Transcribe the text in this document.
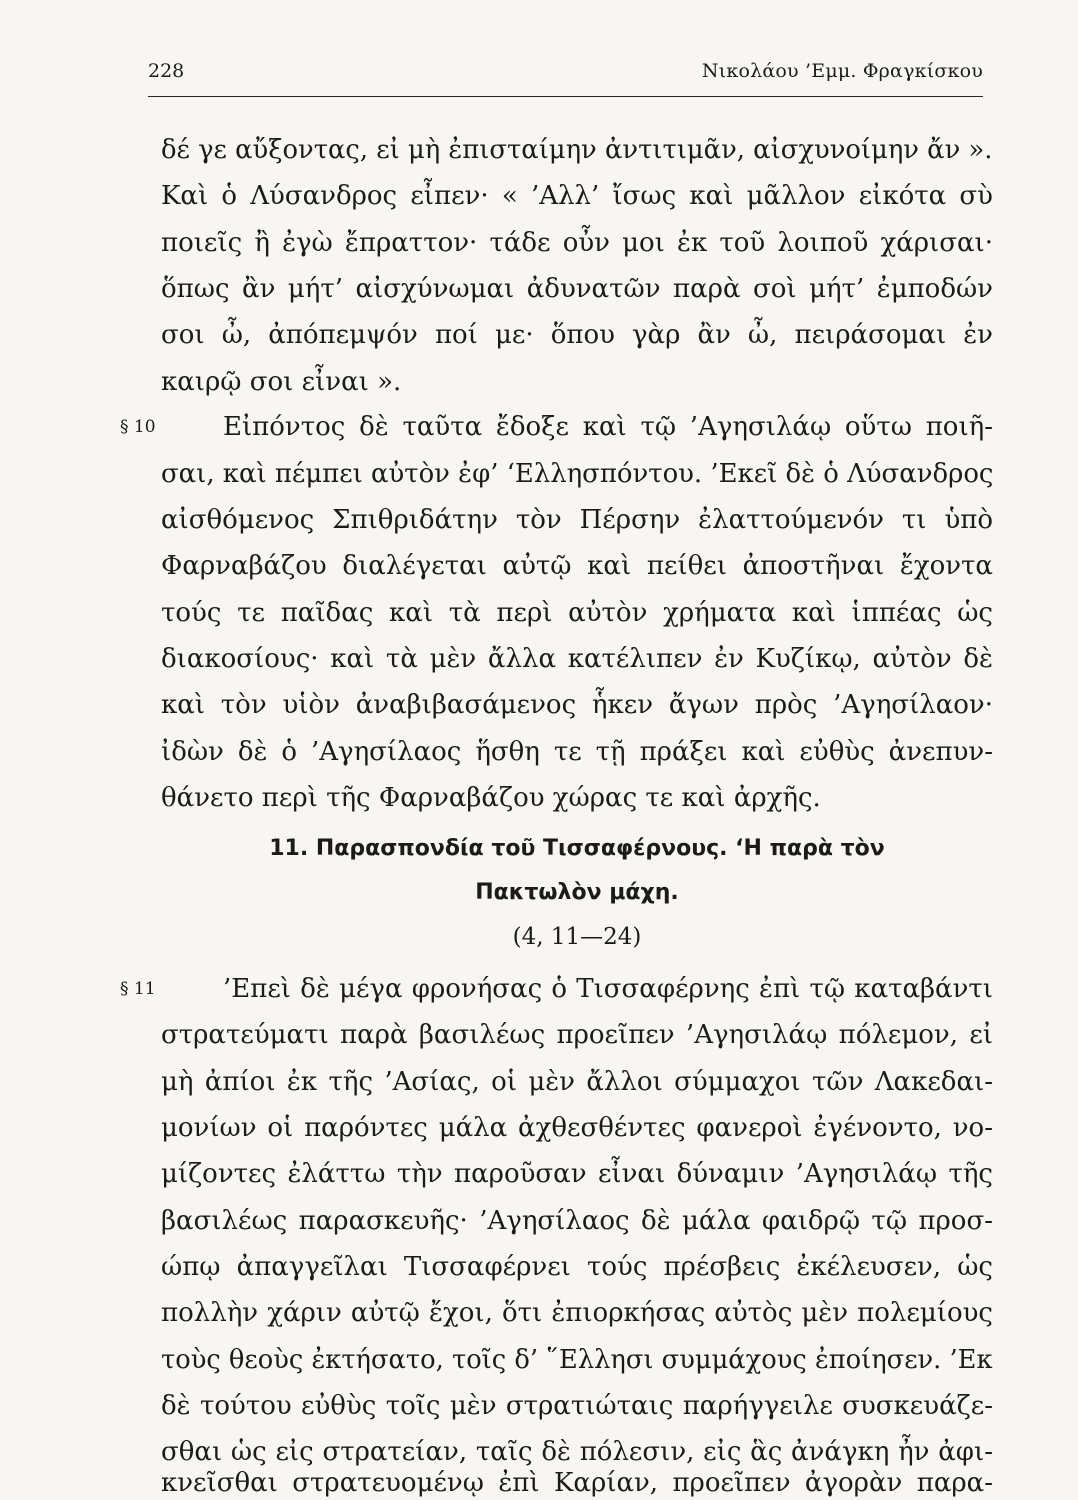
228	Νικολάου ’Εμμ. Φραγκίσκου
δέ γε αὔξοντας, εἰ μὴ ἐπισταίμην ἀντιτιμᾶν, αἰσχυνοίμην ἄν ».
Καὶ ὁ Λύσανδρος εἶπεν· « ’Αλλ’ ἴσως καὶ μᾶλλον εἰκότα σὺ
ποιεῖς ἢ ἐγὼ ἔπραττον· τάδε οὖν μοι ἐκ τοῦ λοιποῦ χάρισαι·
ὅπως ἂν μήτ’ αἰσχύνωμαι ἀδυνατῶν παρὰ σοὶ μήτ’ ἐμποδών
σοι ὦ, ἀπόπεμψόν ποί με· ὅπου γὰρ ἂν ὦ, πειράσομαι ἐν
καιρῷ σοι εἶναι ».
§ 10	Εἰπόντος δὲ ταῦτα ἔδοξε καὶ τῷ ’Αγησιλάῳ οὕτω ποιῆ-
σαι, καὶ πέμπει αὐτὸν ἐφ’ ‘Ελλησπόντου. ’Εκεῖ δὲ ὁ Λύσανδρος
αἰσθόμενος Σπιθριδάτην τὸν Πέρσην ἐλαττούμενόν τι ὑπὸ
Φαρναβάζου διαλέγεται αὐτῷ καὶ πείθει ἀποστῆναι ἔχοντα
τούς τε παῖδας καὶ τὰ περὶ αὐτὸν χρήματα καὶ ἱππέας ὡς
διακοσίους· καὶ τὰ μὲν ἄλλα κατέλιπεν ἐν Κυζίκῳ, αὐτὸν δὲ
καὶ τὸν υἱὸν ἀναβιβασάμενος ἧκεν ἄγων πρὸς ’Αγησίλαον·
ἰδὼν δὲ ὁ ’Αγησίλαος ἥσθη τε τῇ πράξει καὶ εὐθὺς ἀνεπυν-
θάνετο περὶ τῆς Φαρναβάζου χώρας τε καὶ ἀρχῆς.
11. Παρασπονδία τοῦ Τισσαφέρνους. ‘Η παρὰ τὸν
Πακτωλὸν μάχη.
(4, 11—24)
§ 11	’Επεὶ δὲ μέγα φρονήσας ὁ Τισσαφέρνης ἐπὶ τῷ καταβάντι
στρατεύματι παρὰ βασιλέως προεῖπεν ’Αγησιλάῳ πόλεμον, εἰ
μὴ ἀπίοι ἐκ τῆς ’Ασίας, οἱ μὲν ἄλλοι σύμμαχοι τῶν Λακεδαι-
μονίων οἱ παρόντες μάλα ἀχθεσθέντες φανεροὶ ἐγένοντο, νο-
μίζοντες ἐλάττω τὴν παροῦσαν εἶναι δύναμιν ’Αγησιλάῳ τῆς
βασιλέως παρασκευῆς· ’Αγησίλαος δὲ μάλα φαιδρῷ τῷ προσ-
ώπῳ ἀπαγγεῖλαι Τισσαφέρνει τούς πρέσβεις ἐκέλευσεν, ὡς
πολλὴν χάριν αὐτῷ ἔχοι, ὅτι ἐπιορκήσας αὐτὸς μὲν πολεμίους
τοὺς θεοὺς ἐκτήσατο, τοῖς δ’ ῞Ελλησι συμμάχους ἐποίησεν. ’Εκ
δὲ τούτου εὐθὺς τοῖς μὲν στρατιώταις παρήγγειλε συσκευάζε-
σθαι ὡς εἰς στρατείαν, ταῖς δὲ πόλεσιν, εἰς ἃς ἀνάγκη ἦν ἀφι-
κνεῖσθαι στρατευομένῳ ἐπὶ Καρίαν, προεῖπεν ἀγορὰν παρα-
